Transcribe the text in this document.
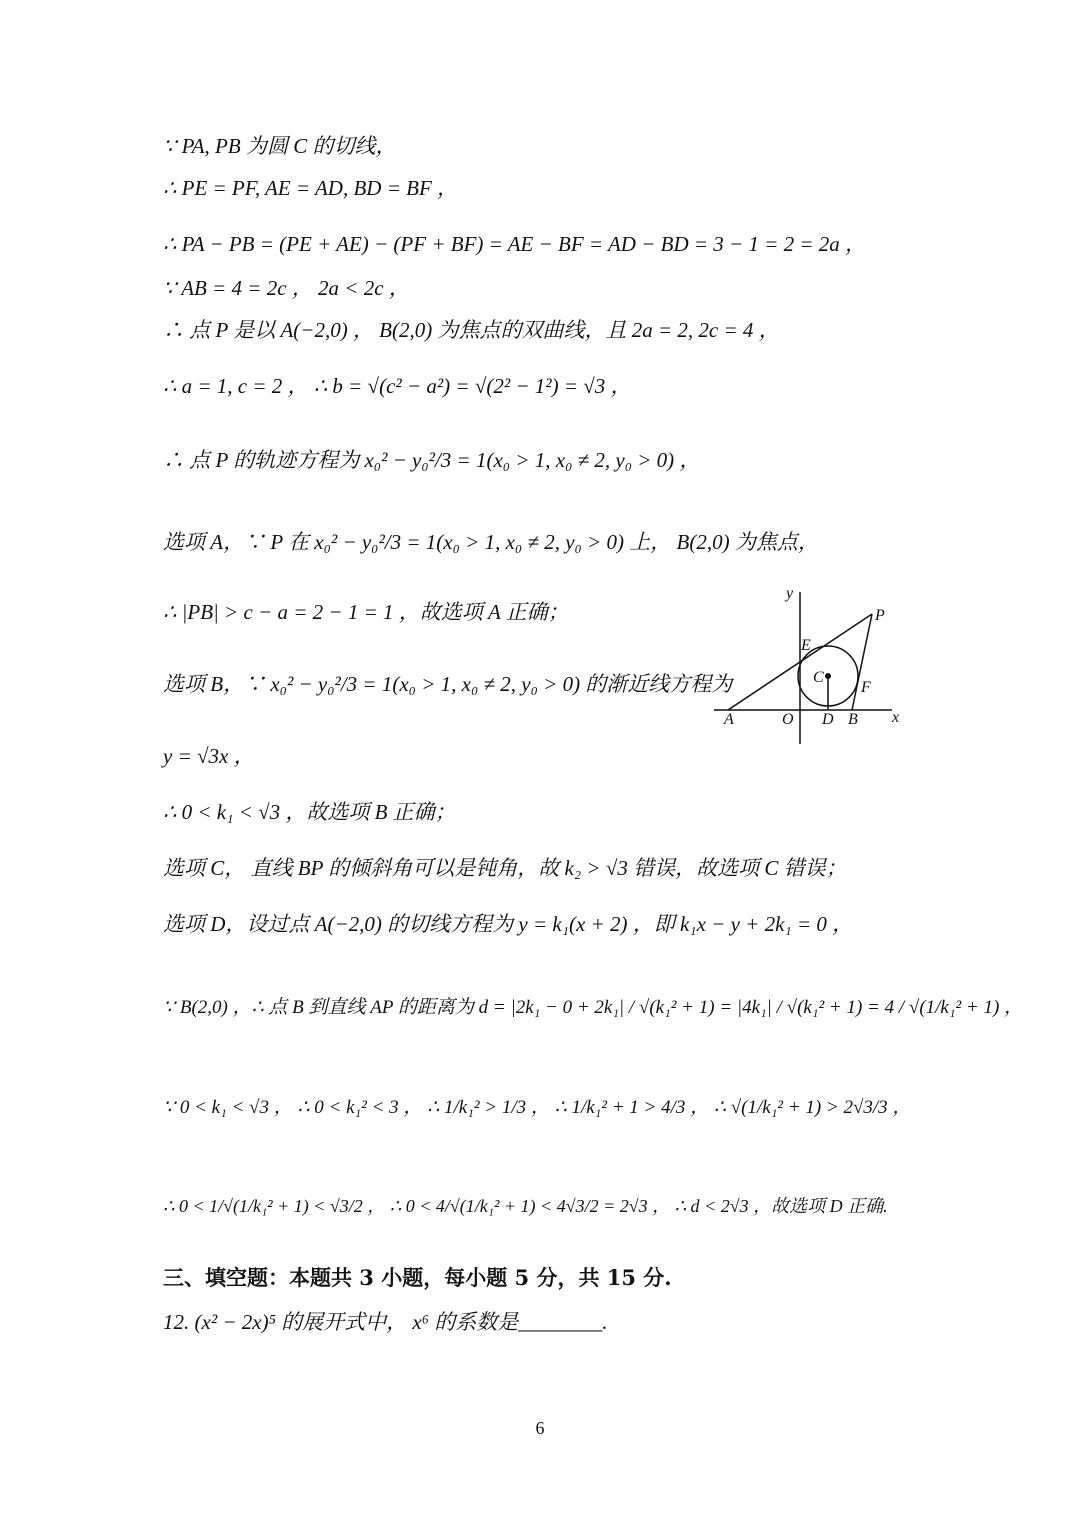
∵ PA, PB 为圆 C 的切线，
∴ PE = PF, AE = AD, BD = BF ，
∴ PA − PB = (PE + AE) − (PF + BF) = AE − BF = AD − BD = 3 − 1 = 2 = 2a ，
∵ AB = 4 = 2c ， 2a < 2c ，
∴ 点 P 是以 A(−2,0) ， B(2,0) 为焦点的双曲线，且 2a = 2, 2c = 4 ，
∴ a = 1, c = 2 ， ∴ b = √(c² − a²) = √(2² − 1²) = √3 ，
∴ 点 P 的轨迹方程为 x₀² − y₀²/3 = 1(x₀ > 1, x₀ ≠ 2, y₀ > 0) ，
选项 A，∵ P 在 x₀² − y₀²/3 = 1(x₀ > 1, x₀ ≠ 2, y₀ > 0) 上， B(2,0) 为焦点，
∴ |PB| > c − a = 2 − 1 = 1 ，故选项 A 正确；
选项 B，∵ x₀² − y₀²/3 = 1(x₀ > 1, x₀ ≠ 2, y₀ > 0) 的渐近线方程为
y = √3x ，
∴ 0 < k₁ < √3 ，故选项 B 正确；
选项 C， 直线 BP 的倾斜角可以是钝角，故 k₂ > √3 错误，故选项 C 错误；
选项 D，设过点 A(−2,0) 的切线方程为 y = k₁(x + 2) ，即 k₁x − y + 2k₁ = 0 ，
∵ B(2,0) ，∴ 点 B 到直线 AP 的距离为 d = |2k₁ − 0 + 2k₁| / √(k₁² + 1) = |4k₁| / √(k₁² + 1) = 4 / √(1/k₁² + 1) ，
∵ 0 < k₁ < √3 ， ∴ 0 < k₁² < 3 ， ∴ 1/k₁² > 1/3 ， ∴ 1/k₁² + 1 > 4/3 ， ∴ √(1/k₁² + 1) > 2√3/3 ，
∴ 0 < 1/√(1/k₁² + 1) < √3/2 ， ∴ 0 < 4/√(1/k₁² + 1) < 4√3/2 = 2√3 ， ∴ d < 2√3 ，故选项 D 正确.
三、填空题：本题共 3 小题，每小题 5 分，共 15 分.
12. (x² − 2x)⁵ 的展开式中， x⁶ 的系数是________.
y
x
A	O D B
E
F
C
P
6
